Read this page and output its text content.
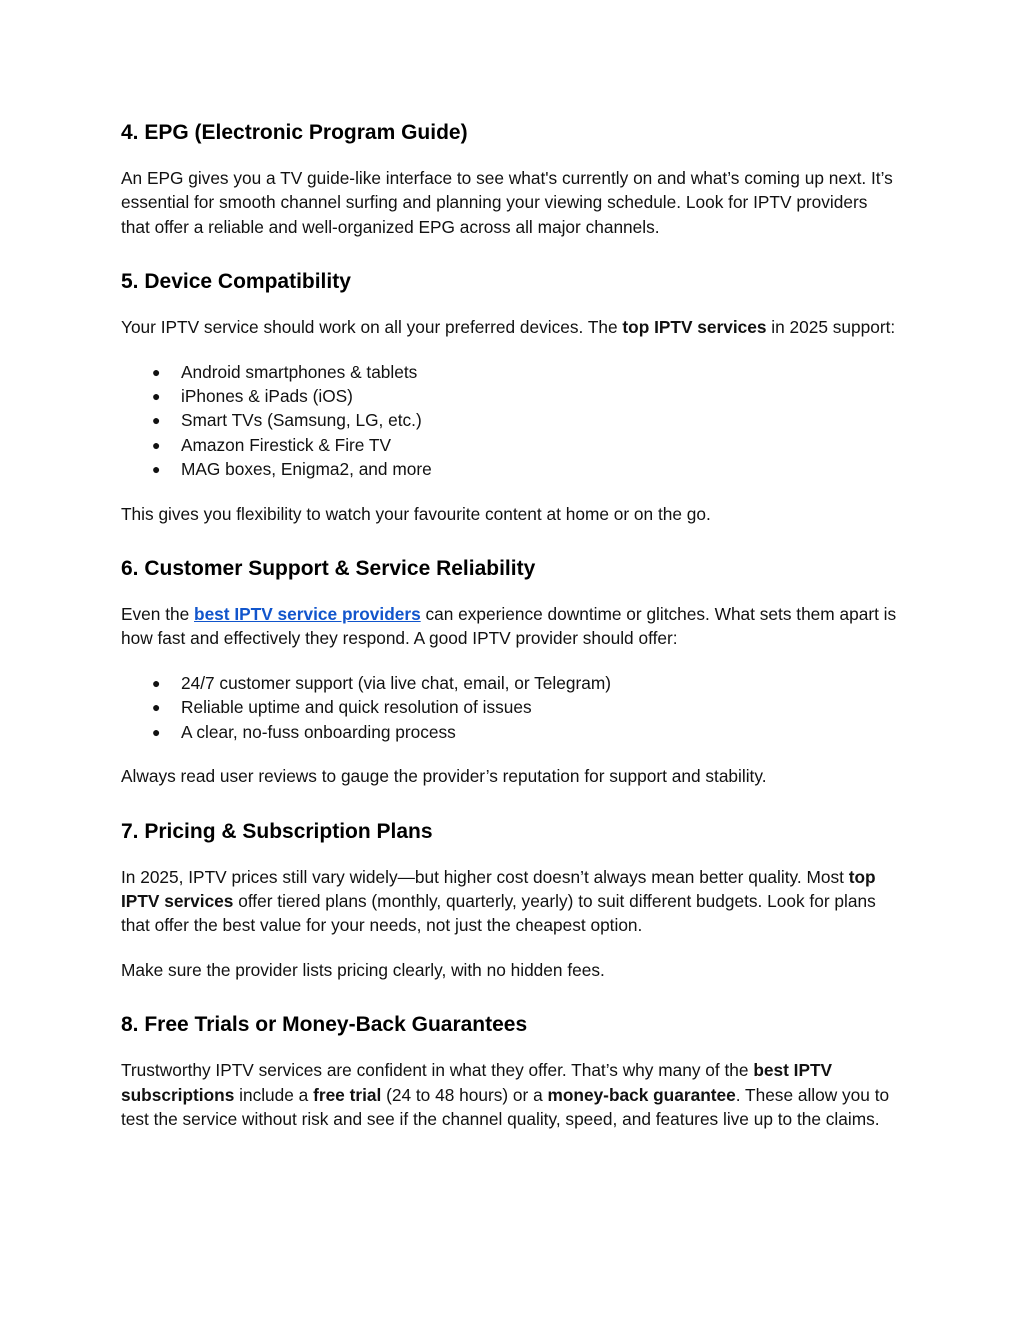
4. EPG (Electronic Program Guide)

An EPG gives you a TV guide-like interface to see what's currently on and what’s coming up next. It’s essential for smooth channel surfing and planning your viewing schedule. Look for IPTV providers that offer a reliable and well-organized EPG across all major channels.

5. Device Compatibility

Your IPTV service should work on all your preferred devices. The top IPTV services in 2025 support:

● Android smartphones & tablets
● iPhones & iPads (iOS)
● Smart TVs (Samsung, LG, etc.)
● Amazon Firestick & Fire TV
● MAG boxes, Enigma2, and more

This gives you flexibility to watch your favourite content at home or on the go.

6. Customer Support & Service Reliability

Even the best IPTV service providers can experience downtime or glitches. What sets them apart is how fast and effectively they respond. A good IPTV provider should offer:

● 24/7 customer support (via live chat, email, or Telegram)
● Reliable uptime and quick resolution of issues
● A clear, no-fuss onboarding process

Always read user reviews to gauge the provider’s reputation for support and stability.

7. Pricing & Subscription Plans

In 2025, IPTV prices still vary widely—but higher cost doesn’t always mean better quality. Most top IPTV services offer tiered plans (monthly, quarterly, yearly) to suit different budgets. Look for plans that offer the best value for your needs, not just the cheapest option.

Make sure the provider lists pricing clearly, with no hidden fees.

8. Free Trials or Money-Back Guarantees

Trustworthy IPTV services are confident in what they offer. That’s why many of the best IPTV subscriptions include a free trial (24 to 48 hours) or a money-back guarantee. These allow you to test the service without risk and see if the channel quality, speed, and features live up to the claims.
